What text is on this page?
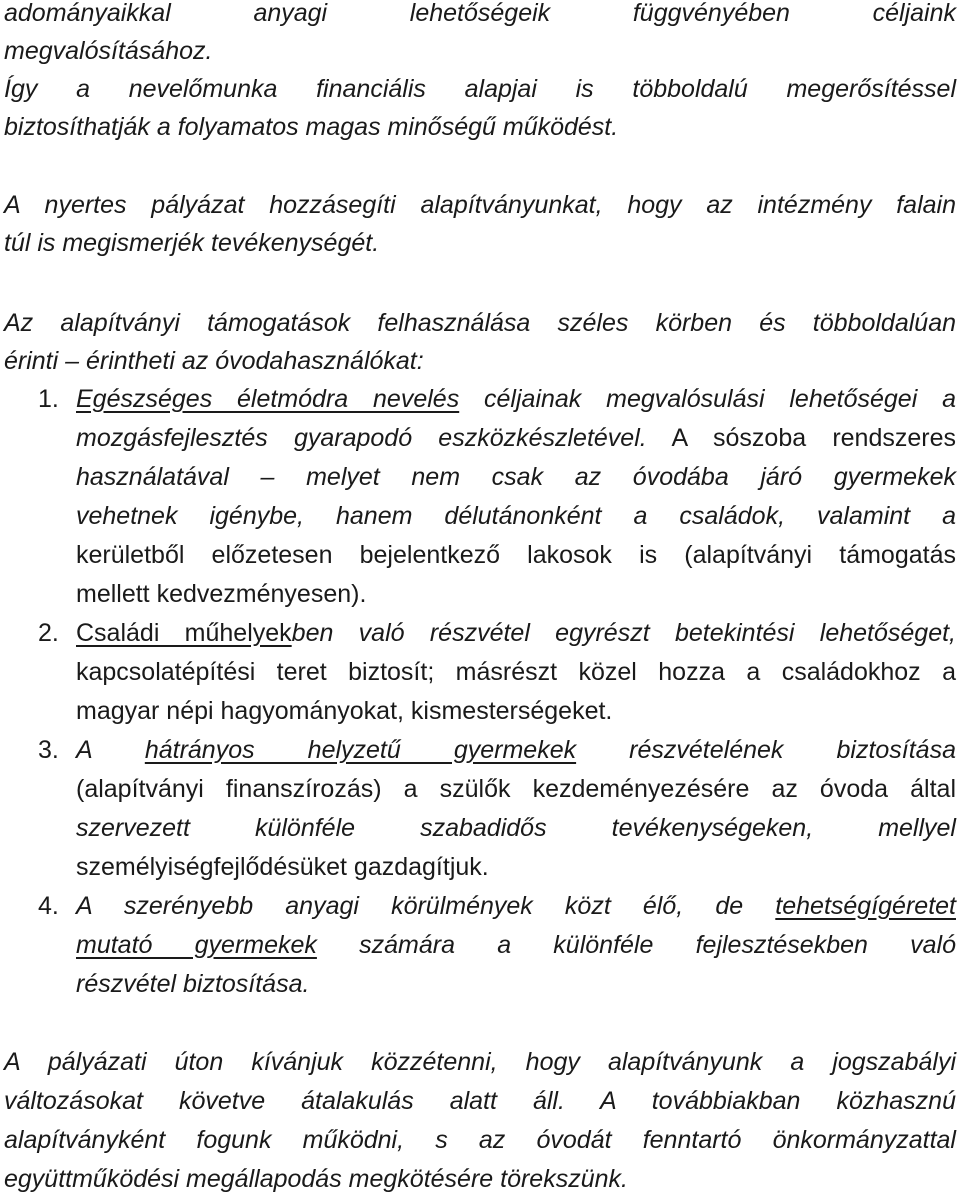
adományaikkal anyagi lehetőségeik függvényében céljaink
megvalósításához.
Így a nevelőmunka financiális alapjai is többoldalú megerősítéssel
biztosíthatják a folyamatos magas minőségű működést.
A nyertes pályázat hozzásegíti alapítványunkat, hogy az intézmény falain
túl is megismerjék tevékenységét.
Az alapítványi támogatások felhasználása széles körben és többoldalúan
érinti – érintheti az óvodahasználókat:
1. Egészséges életmódra nevelés céljainak megvalósulási lehetőségei a
mozgásfejlesztés gyarapodó eszközkészletével. A sószoba rendszeres
használatával – melyet nem csak az óvodába járó gyermekek
vehetnek igénybe, hanem délutánonként a családok, valamint a
kerületből előzetesen bejelentkező lakosok is (alapítványi támogatás
mellett kedvezményesen).
2. Családi műhelyekben való részvétel egyrészt betekintési lehetőséget,
kapcsolatépítési teret biztosít; másrészt közel hozza a családokhoz a
magyar népi hagyományokat, kismesterségeket.
3. A hátrányos helyzetű gyermekek részvételének biztosítása
(alapítványi finanszírozás) a szülők kezdeményezésére az óvoda által
szervezett különféle szabadidős tevékenységeken, mellyel
személyiségfejlődésüket gazdagítjuk.
4. A szerényebb anyagi körülmények közt élő, de tehetségígéretet
mutató gyermekek számára a különféle fejlesztésekben való
részvétel biztosítása.
A pályázati úton kívánjuk közzétenni, hogy alapítványunk a jogszabályi
változásokat követve átalakulás alatt áll. A továbbiakban közhasznú
alapítványként fogunk működni, s az óvodát fenntartó önkormányzattal
együttműködési megállapodás megkötésére törekszünk.
